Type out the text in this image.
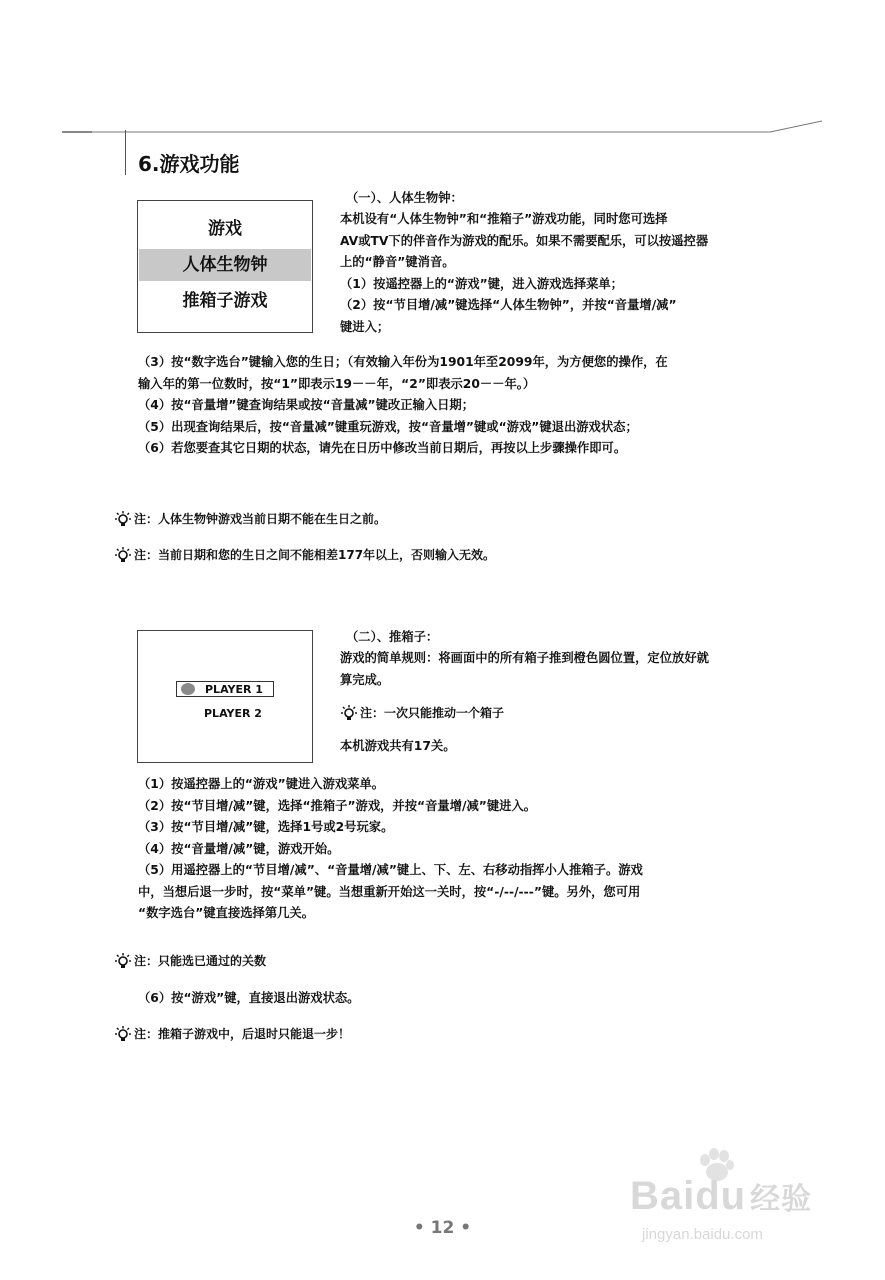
6.游戏功能
游戏
人体生物钟
推箱子游戏
（一）、人体生物钟：
本机设有“人体生物钟”和“推箱子”游戏功能，同时您可选择
AV或TV下的伴音作为游戏的配乐。如果不需要配乐，可以按遥控器
上的“静音”键消音。
（1）按遥控器上的“游戏”键，进入游戏选择菜单；
（2）按“节目增/减”键选择“人体生物钟”，并按“音量增/减”
键进入；
（3）按“数字选台”键输入您的生日；（有效输入年份为1901年至2099年，为方便您的操作，在
输入年的第一位数时，按“1”即表示19－－年，“2”即表示20－－年。）
（4）按“音量增”键查询结果或按“音量减”键改正输入日期；
（5）出现查询结果后，按“音量减”键重玩游戏，按“音量增”键或“游戏”键退出游戏状态；
（6）若您要查其它日期的状态，请先在日历中修改当前日期后，再按以上步骤操作即可。
注：人体生物钟游戏当前日期不能在生日之前。
注：当前日期和您的生日之间不能相差177年以上，否则输入无效。
PLAYER 1
PLAYER 2
（二）、推箱子：
游戏的简单规则：将画面中的所有箱子推到橙色圆位置，定位放好就
算完成。
注：一次只能推动一个箱子
本机游戏共有17关。
（1）按遥控器上的“游戏”键进入游戏菜单。
（2）按“节目增/减”键，选择“推箱子”游戏，并按“音量增/减”键进入。
（3）按“节目增/减”键，选择1号或2号玩家。
（4）按“音量增/减”键，游戏开始。
（5）用遥控器上的“节目增/减”、“音量增/减”键上、下、左、右移动指挥小人推箱子。游戏
中，当想后退一步时，按“菜单”键。当想重新开始这一关时，按“-/--/---”键。另外，您可用
“数字选台”键直接选择第几关。
注：只能选已通过的关数
（6）按“游戏”键，直接退出游戏状态。
注：推箱子游戏中，后退时只能退一步！
Baidu 经验
jingyan.baidu.com
• 12 •
